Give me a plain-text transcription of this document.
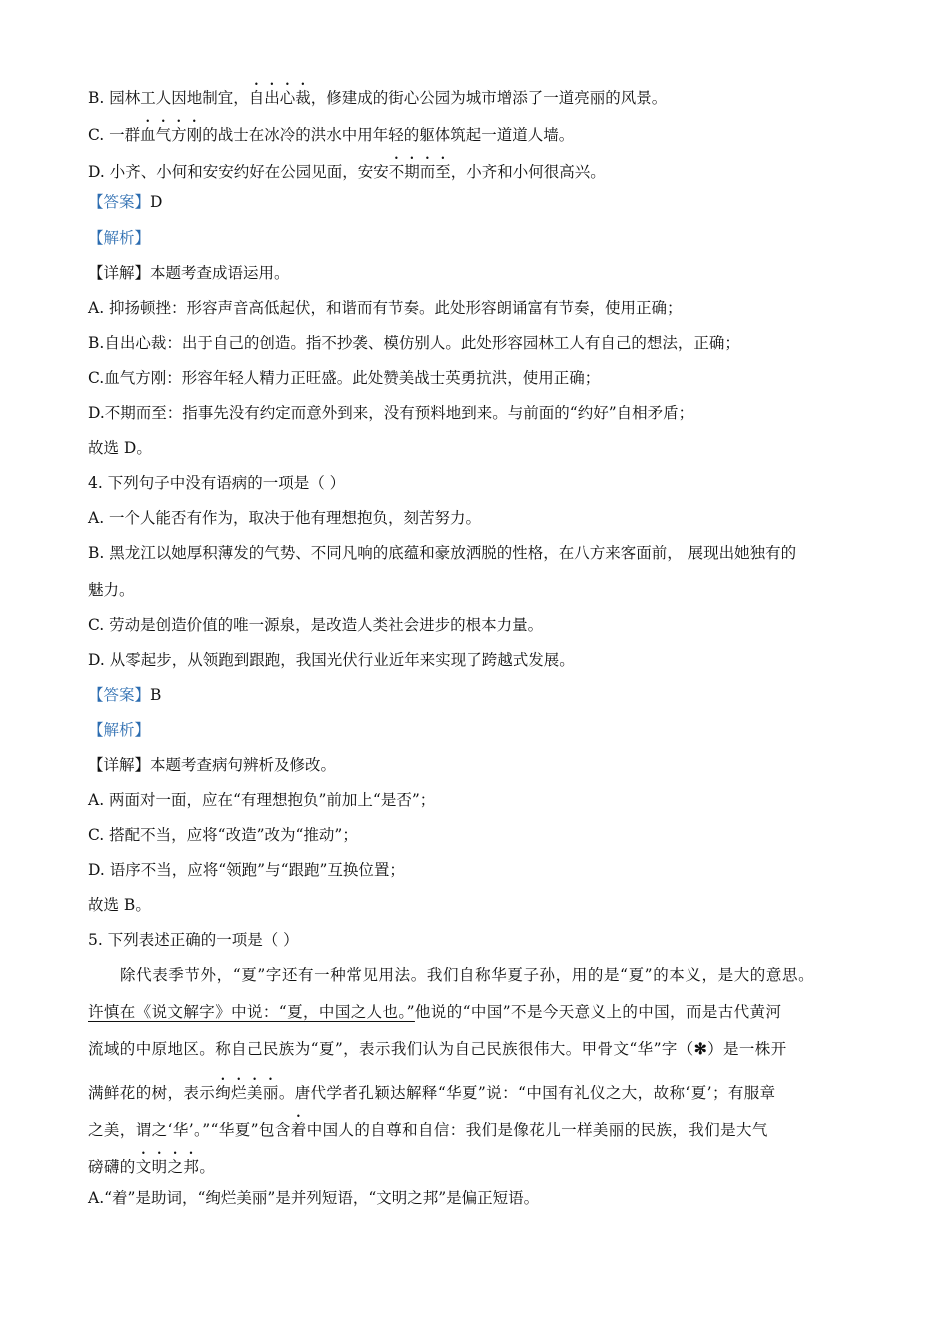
B. 园林工人因地制宜，自出心裁，修建成的街心公园为城市增添了一道亮丽的风景。
C. 一群血气方刚的战士在冰冷的洪水中用年轻的躯体筑起一道道人墙。
D. 小齐、小何和安安约好在公园见面，安安不期而至，小齐和小何很高兴。
【答案】D
【解析】
【详解】本题考查成语运用。
A. 抑扬顿挫：形容声音高低起伏，和谐而有节奏。此处形容朗诵富有节奏，使用正确；
B.自出心裁：出于自己的创造。指不抄袭、模仿别人。此处形容园林工人有自己的想法，正确；
C.血气方刚：形容年轻人精力正旺盛。此处赞美战士英勇抗洪，使用正确；
D.不期而至：指事先没有约定而意外到来，没有预料地到来。与前面的“约好”自相矛盾；
故选 D。
4. 下列句子中没有语病的一项是（ ）
A. 一个人能否有作为，取决于他有理想抱负，刻苦努力。
B. 黑龙江以她厚积薄发的气势、不同凡响的底蕴和豪放洒脱的性格，在八方来客面前， 展现出她独有的
魅力。
C. 劳动是创造价值的唯一源泉，是改造人类社会进步的根本力量。
D. 从零起步，从领跑到跟跑，我国光伏行业近年来实现了跨越式发展。
【答案】B
【解析】
【详解】本题考查病句辨析及修改。
A. 两面对一面，应在“有理想抱负”前加上“是否”；
C. 搭配不当，应将“改造”改为“推动”；
D. 语序不当，应将“领跑”与“跟跑”互换位置；
故选 B。
5. 下列表述正确的一项是（ ）
除代表季节外，“夏”字还有一种常见用法。我们自称华夏子孙，用的是“夏”的本义，是大的意思。
许慎在《说文解字》中说：“夏，中国之人也。”他说的“中国”不是今天意义上的中国，而是古代黄河
流域的中原地区。称自己民族为“夏”，表示我们认为自己民族很伟大。甲骨文“华”字（✻）是一株开
满鲜花的树，表示绚烂美丽。唐代学者孔颖达解释“华夏”说：“中国有礼仪之大，故称‘夏’；有服章
之美，谓之‘华’。”“华夏”包含着中国人的自尊和自信：我们是像花儿一样美丽的民族，我们是大气
磅礴的文明之邦。
A.“着”是助词，“绚烂美丽”是并列短语，“文明之邦”是偏正短语。
